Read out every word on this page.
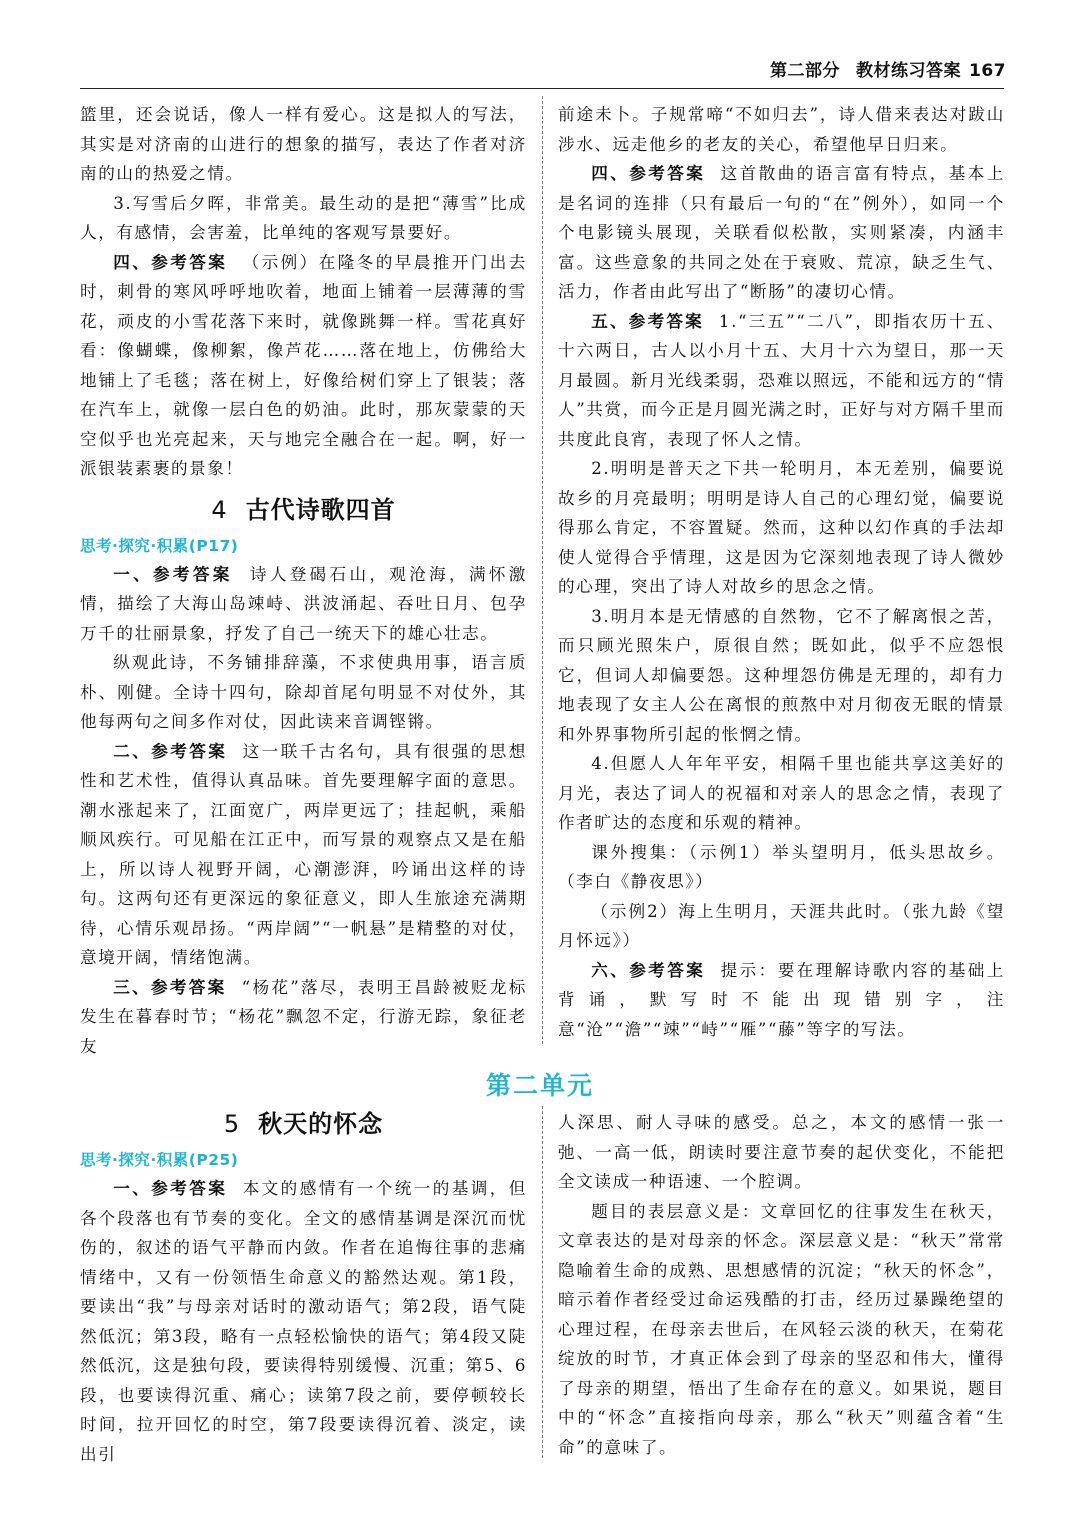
第二部分 教材练习答案 167

篮里，还会说话，像人一样有爱心。这是拟人的写法，其实是对济南的山进行的想象的描写，表达了作者对济南的山的热爱之情。

3.写雪后夕晖，非常美。最生动的是把“薄雪”比成人，有感情，会害羞，比单纯的客观写景要好。

四、参考答案 （示例）在隆冬的早晨推开门出去时，刺骨的寒风呼呼地吹着，地面上铺着一层薄薄的雪花，顽皮的小雪花落下来时，就像跳舞一样。雪花真好看：像蝴蝶，像柳絮，像芦花……落在地上，仿佛给大地铺上了毛毯；落在树上，好像给树们穿上了银装；落在汽车上，就像一层白色的奶油。此时，那灰蒙蒙的天空似乎也光亮起来，天与地完全融合在一起。啊，好一派银装素裹的景象！

4 古代诗歌四首
思考·探究·积累(P17)

一、参考答案 诗人登碣石山，观沧海，满怀激情，描绘了大海山岛竦峙、洪波涌起、吞吐日月、包孕万千的壮丽景象，抒发了自己一统天下的雄心壮志。

纵观此诗，不务铺排辞藻，不求使典用事，语言质朴、刚健。全诗十四句，除却首尾句明显不对仗外，其他每两句之间多作对仗，因此读来音调铿锵。

二、参考答案 这一联千古名句，具有很强的思想性和艺术性，值得认真品味。首先要理解字面的意思。潮水涨起来了，江面宽广，两岸更远了；挂起帆，乘船顺风疾行。可见船在江正中，而写景的观察点又是在船上，所以诗人视野开阔，心潮澎湃，吟诵出这样的诗句。这两句还有更深远的象征意义，即人生旅途充满期待，心情乐观昂扬。“两岸阔”“一帆悬”是精整的对仗，意境开阔，情绪饱满。

三、参考答案 “杨花”落尽，表明王昌龄被贬龙标发生在暮春时节；“杨花”飘忽不定，行游无踪，象征老友

前途未卜。子规常啼“不如归去”，诗人借来表达对跋山涉水、远走他乡的老友的关心，希望他早日归来。

四、参考答案 这首散曲的语言富有特点，基本上是名词的连排（只有最后一句的“在”例外），如同一个个电影镜头展现，关联看似松散，实则紧凑，内涵丰富。这些意象的共同之处在于衰败、荒凉，缺乏生气、活力，作者由此写出了“断肠”的凄切心情。

五、参考答案 1.“三五”“二八”，即指农历十五、十六两日，古人以小月十五、大月十六为望日，那一天月最圆。新月光线柔弱，恐难以照远，不能和远方的“情人”共赏，而今正是月圆光满之时，正好与对方隔千里而共度此良宵，表现了怀人之情。

2.明明是普天之下共一轮明月，本无差别，偏要说故乡的月亮最明；明明是诗人自己的心理幻觉，偏要说得那么肯定，不容置疑。然而，这种以幻作真的手法却使人觉得合乎情理，这是因为它深刻地表现了诗人微妙的心理，突出了诗人对故乡的思念之情。

3.明月本是无情感的自然物，它不了解离恨之苦，而只顾光照朱户，原很自然；既如此，似乎不应怨恨它，但词人却偏要怨。这种埋怨仿佛是无理的，却有力地表现了女主人公在离恨的煎熬中对月彻夜无眠的情景和外界事物所引起的怅惘之情。

4.但愿人人年年平安，相隔千里也能共享这美好的月光，表达了词人的祝福和对亲人的思念之情，表现了作者旷达的态度和乐观的精神。

课外搜集：（示例1）举头望明月，低头思故乡。（李白《静夜思》）

（示例2）海上生明月，天涯共此时。（张九龄《望月怀远》）

六、参考答案 提示：要在理解诗歌内容的基础上背诵，默写时不能出现错别字，注意“沧”“澹”“竦”“峙”“雁”“藤”等字的写法。

第二单元
5 秋天的怀念
思考·探究·积累(P25)

一、参考答案 本文的感情有一个统一的基调，但各个段落也有节奏的变化。全文的感情基调是深沉而忧伤的，叙述的语气平静而内敛。作者在追悔往事的悲痛情绪中，又有一份领悟生命意义的豁然达观。第1段，要读出“我”与母亲对话时的激动语气；第2段，语气陡然低沉；第3段，略有一点轻松愉快的语气；第4段又陡然低沉，这是独句段，要读得特别缓慢、沉重；第5、6段，也要读得沉重、痛心；读第7段之前，要停顿较长时间，拉开回忆的时空，第7段要读得沉着、淡定，读出引

人深思、耐人寻味的感受。总之，本文的感情一张一弛、一高一低，朗读时要注意节奏的起伏变化，不能把全文读成一种语速、一个腔调。

题目的表层意义是：文章回忆的往事发生在秋天，文章表达的是对母亲的怀念。深层意义是：“秋天”常常隐喻着生命的成熟、思想感情的沉淀；“秋天的怀念”，暗示着作者经受过命运残酷的打击，经历过暴躁绝望的心理过程，在母亲去世后，在风轻云淡的秋天，在菊花绽放的时节，才真正体会到了母亲的坚忍和伟大，懂得了母亲的期望，悟出了生命存在的意义。如果说，题目中的“怀念”直接指向母亲，那么“秋天”则蕴含着“生命”的意味了。
